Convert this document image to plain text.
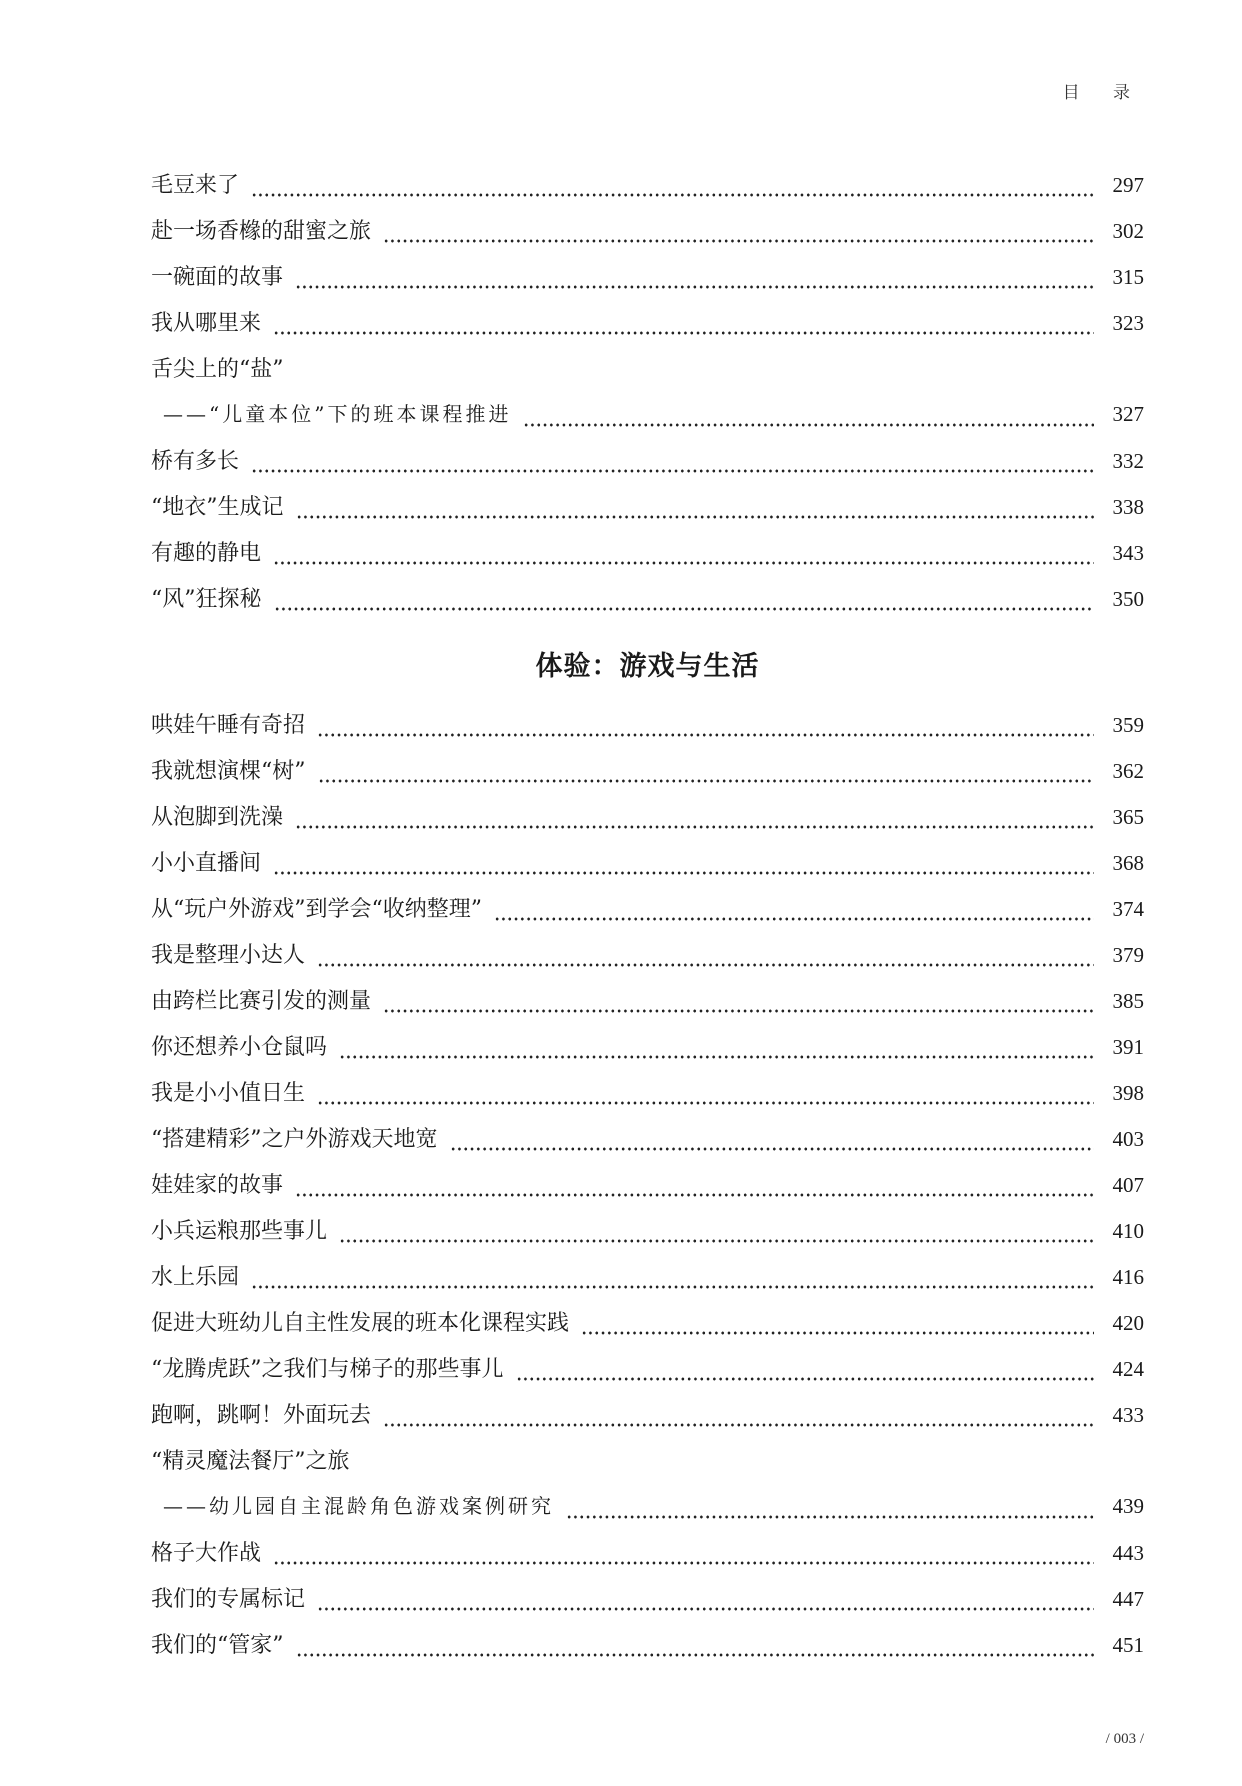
目 录
毛豆来了	297
赴一场香橼的甜蜜之旅	302
一碗面的故事	315
我从哪里来	323
舌尖上的“盐”
——“儿童本位”下的班本课程推进	327
桥有多长	332
“地衣”生成记	338
有趣的静电	343
“风”狂探秘	350
体验：游戏与生活
哄娃午睡有奇招	359
我就想演棵“树”	362
从泡脚到洗澡	365
小小直播间	368
从“玩户外游戏”到学会“收纳整理”	374
我是整理小达人	379
由跨栏比赛引发的测量	385
你还想养小仓鼠吗	391
我是小小值日生	398
“搭建精彩”之户外游戏天地宽	403
娃娃家的故事	407
小兵运粮那些事儿	410
水上乐园	416
促进大班幼儿自主性发展的班本化课程实践	420
“龙腾虎跃”之我们与梯子的那些事儿	424
跑啊，跳啊！外面玩去	433
“精灵魔法餐厅”之旅
——幼儿园自主混龄角色游戏案例研究	439
格子大作战	443
我们的专属标记	447
我们的“管家”	451
/ 003 /
